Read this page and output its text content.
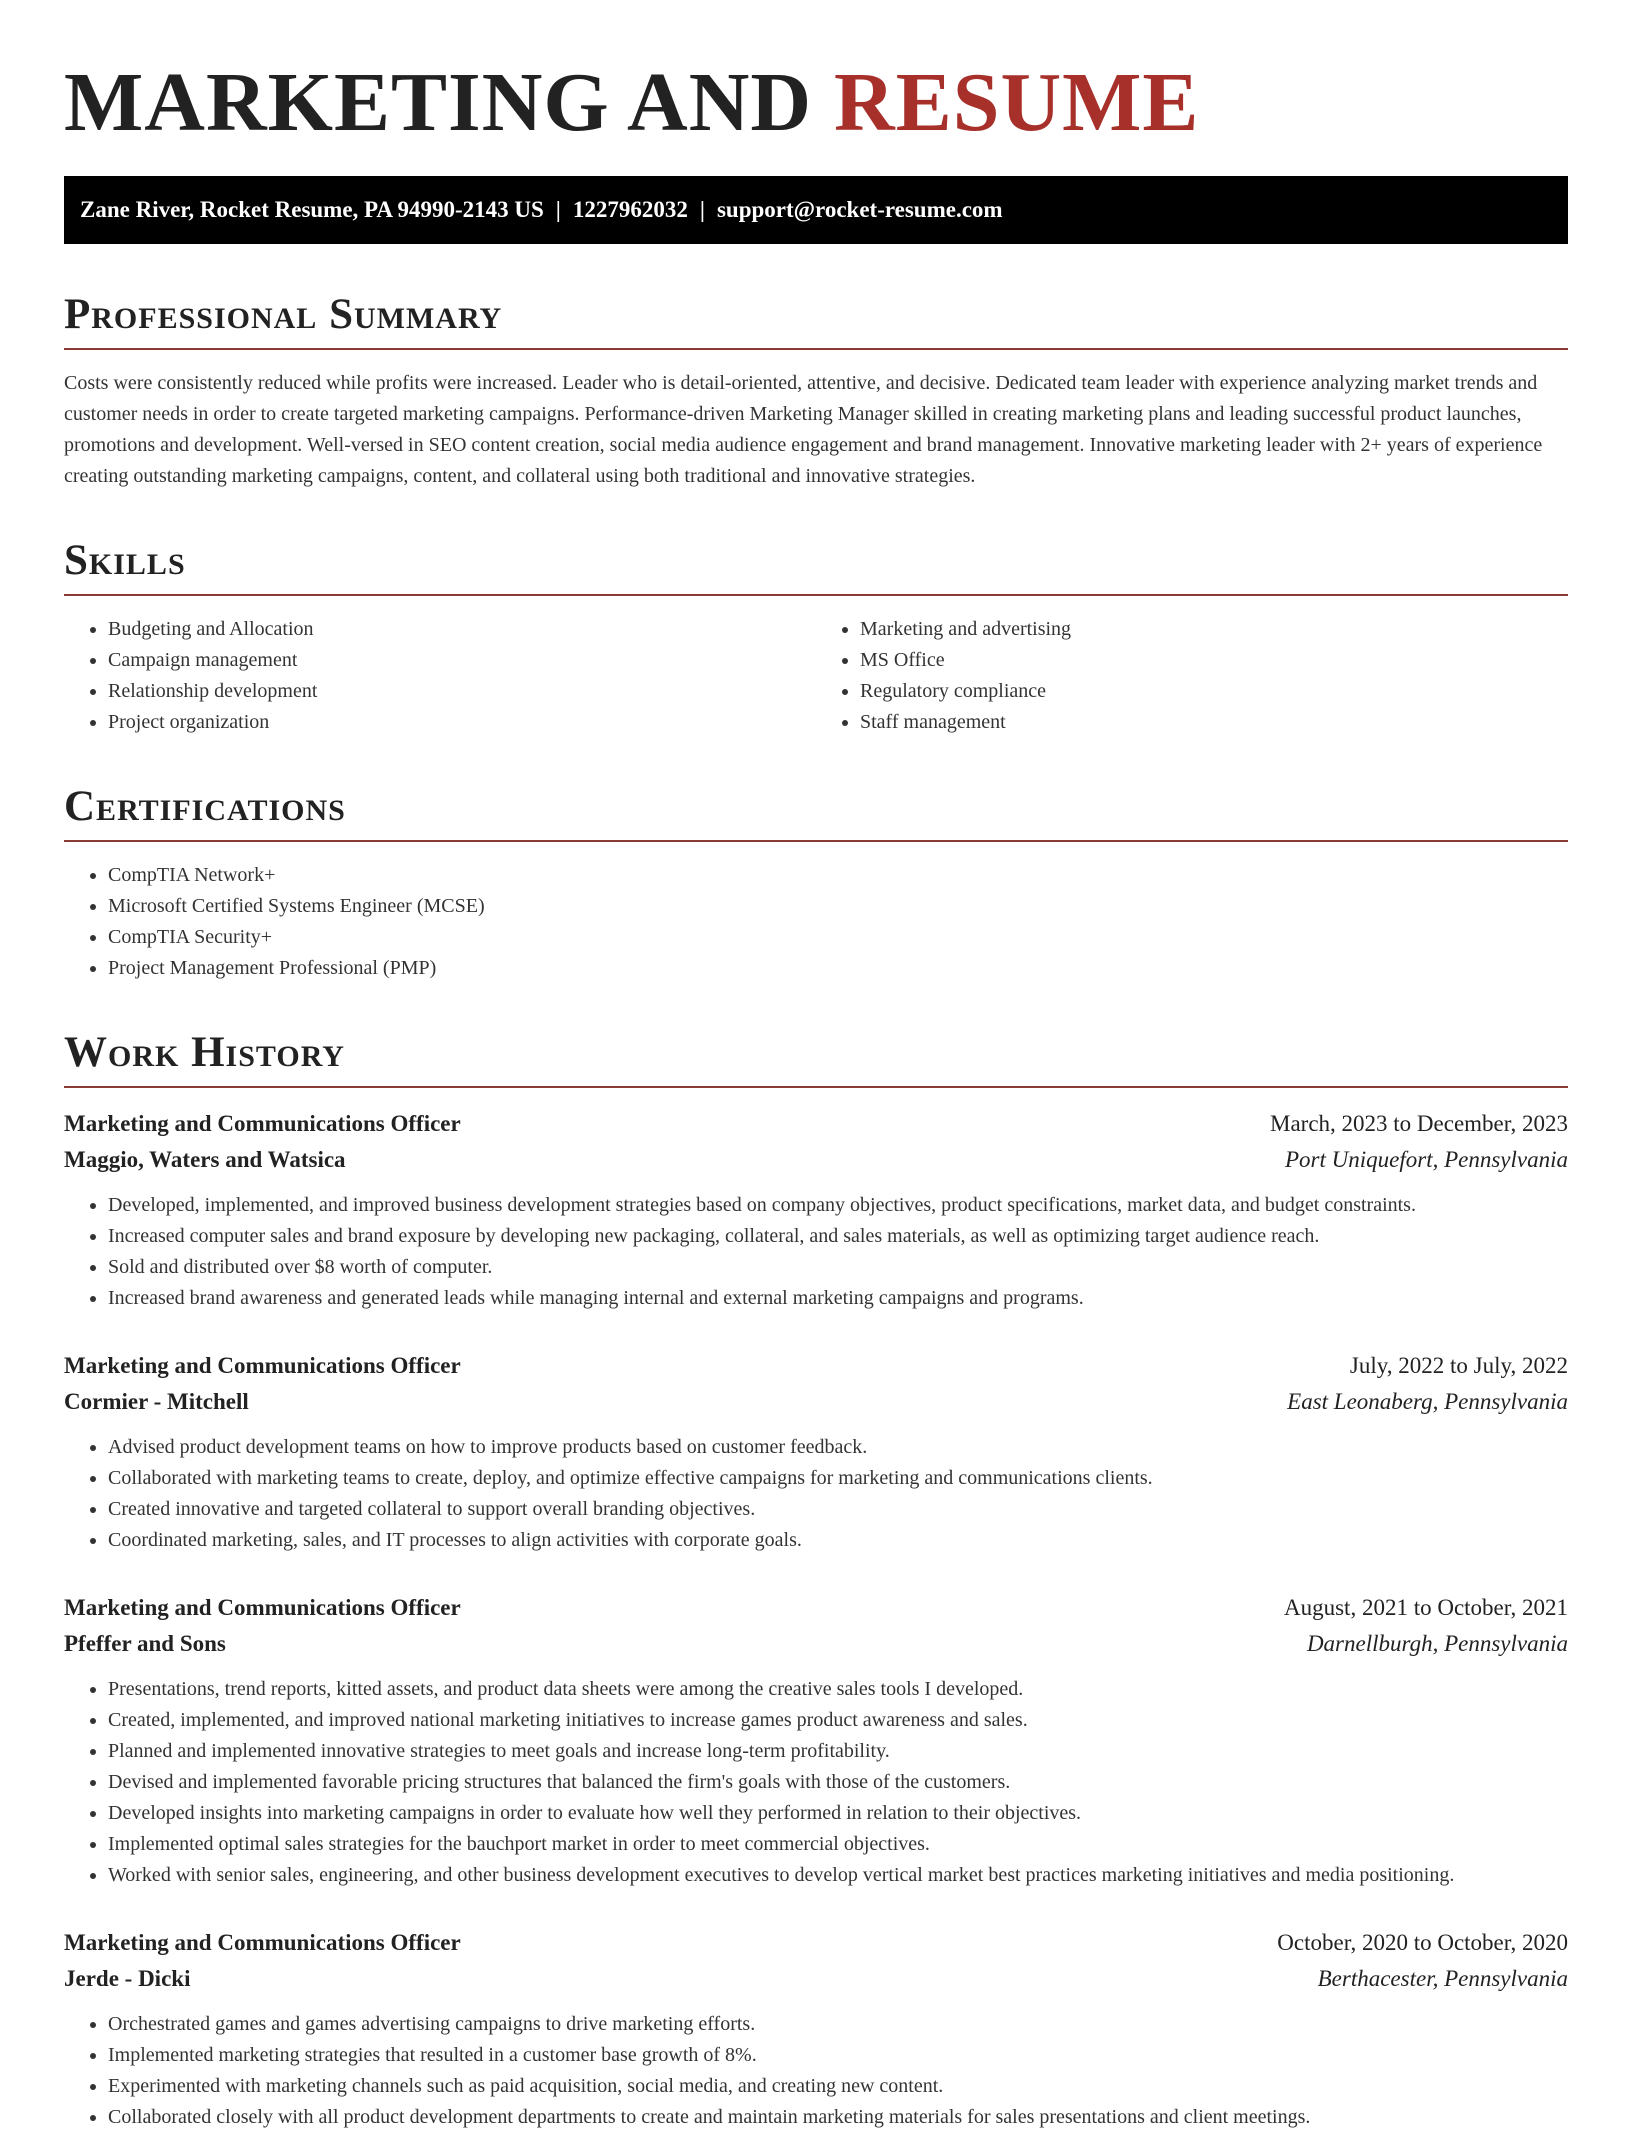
MARKETING AND RESUME
Zane River, Rocket Resume, PA 94990-2143 US | 1227962032 | support@rocket-resume.com
Professional Summary

Costs were consistently reduced while profits were increased. Leader who is detail-oriented, attentive, and decisive. Dedicated team leader with experience analyzing market trends and customer needs in order to create targeted marketing campaigns. Performance-driven Marketing Manager skilled in creating marketing plans and leading successful product launches, promotions and development. Well-versed in SEO content creation, social media audience engagement and brand management. Innovative marketing leader with 2+ years of experience creating outstanding marketing campaigns, content, and collateral using both traditional and innovative strategies.

Skills
• Budgeting and Allocation
• Campaign management
• Relationship development
• Project organization
• Marketing and advertising
• MS Office
• Regulatory compliance
• Staff management
Certifications
• CompTIA Network+
• Microsoft Certified Systems Engineer (MCSE)
• CompTIA Security+
• Project Management Professional (PMP)
Work History
Marketing and Communications Officer	March, 2023 to December, 2023
Maggio, Waters and Watsica	Port Uniquefort, Pennsylvania
• Developed, implemented, and improved business development strategies based on company objectives, product specifications, market data, and budget constraints.
• Increased computer sales and brand exposure by developing new packaging, collateral, and sales materials, as well as optimizing target audience reach.
• Sold and distributed over $8 worth of computer.
• Increased brand awareness and generated leads while managing internal and external marketing campaigns and programs.
Marketing and Communications Officer	July, 2022 to July, 2022
Cormier - Mitchell	East Leonaberg, Pennsylvania
• Advised product development teams on how to improve products based on customer feedback.
• Collaborated with marketing teams to create, deploy, and optimize effective campaigns for marketing and communications clients.
• Created innovative and targeted collateral to support overall branding objectives.
• Coordinated marketing, sales, and IT processes to align activities with corporate goals.
Marketing and Communications Officer	August, 2021 to October, 2021
Pfeffer and Sons	Darnellburgh, Pennsylvania
• Presentations, trend reports, kitted assets, and product data sheets were among the creative sales tools I developed.
• Created, implemented, and improved national marketing initiatives to increase games product awareness and sales.
• Planned and implemented innovative strategies to meet goals and increase long-term profitability.
• Devised and implemented favorable pricing structures that balanced the firm's goals with those of the customers.
• Developed insights into marketing campaigns in order to evaluate how well they performed in relation to their objectives.
• Implemented optimal sales strategies for the bauchport market in order to meet commercial objectives.
• Worked with senior sales, engineering, and other business development executives to develop vertical market best practices marketing initiatives and media positioning.
Marketing and Communications Officer	October, 2020 to October, 2020
Jerde - Dicki	Berthacester, Pennsylvania
• Orchestrated games and games advertising campaigns to drive marketing efforts.
• Implemented marketing strategies that resulted in a customer base growth of 8%.
• Experimented with marketing channels such as paid acquisition, social media, and creating new content.
• Collaborated closely with all product development departments to create and maintain marketing materials for sales presentations and client meetings.
